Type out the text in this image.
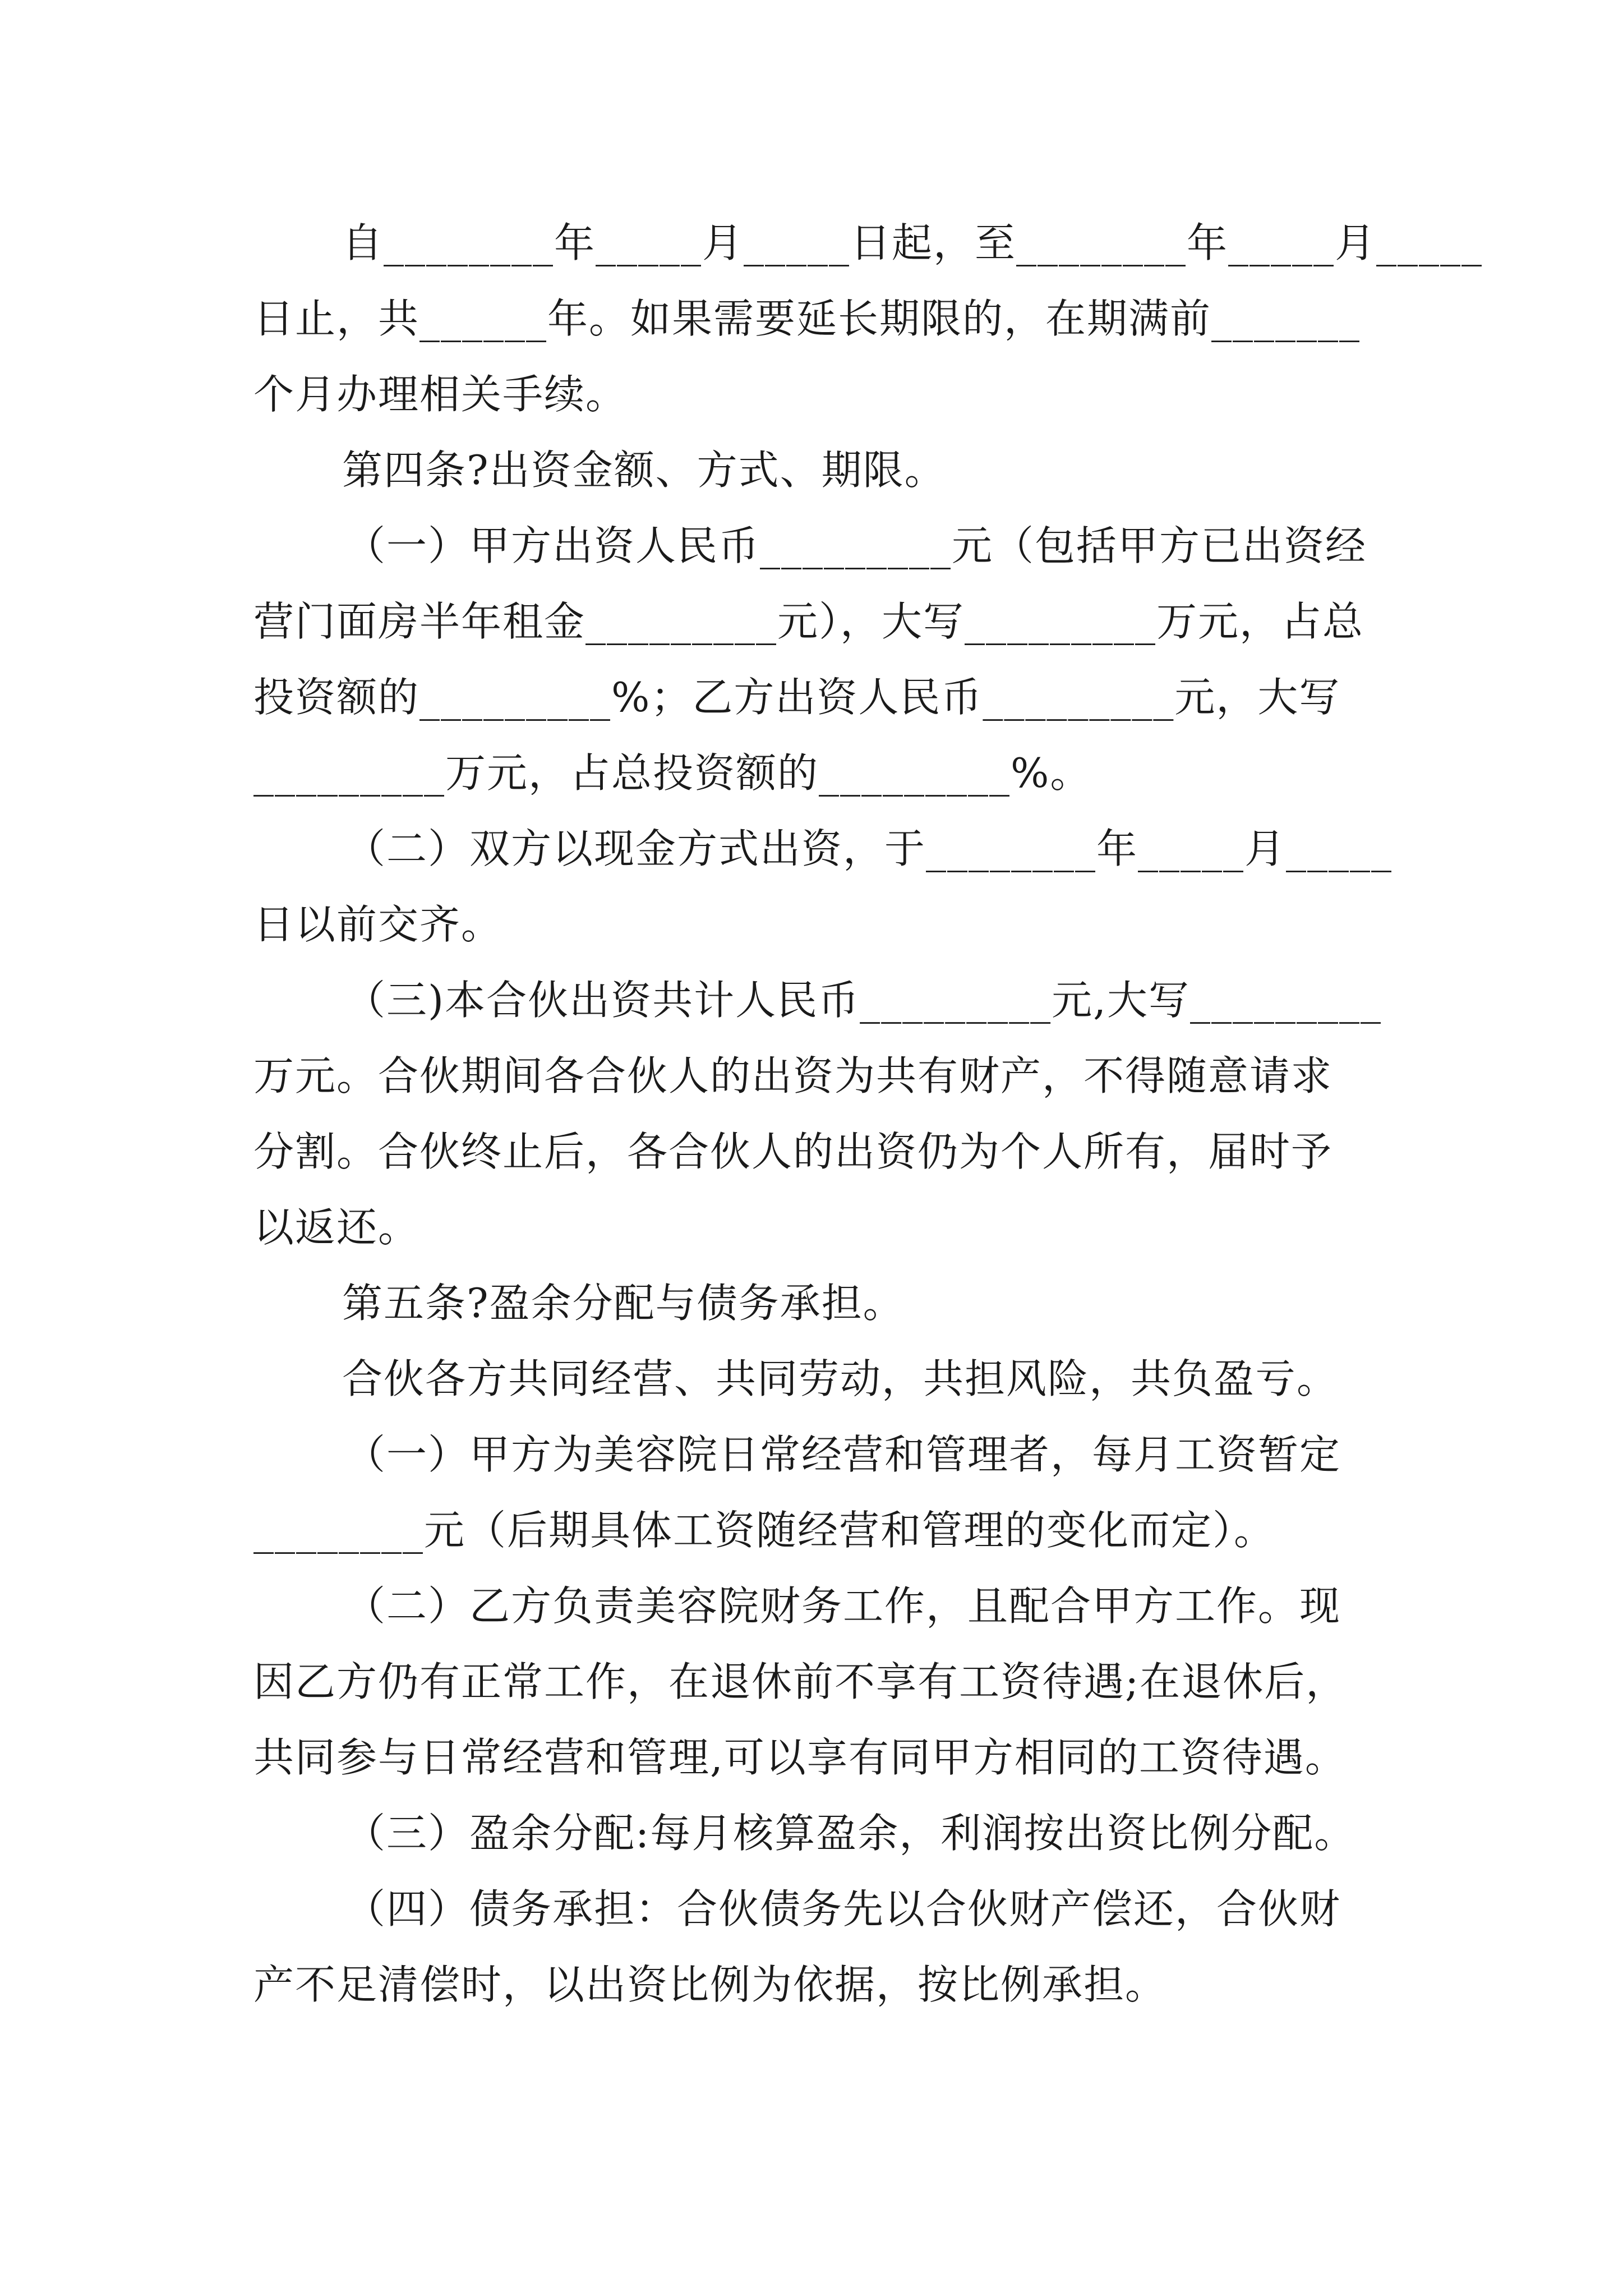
自________年_____月_____日起，至________年_____月_____
日止，共______年。如果需要延长期限的，在期满前_______
个月办理相关手续。
第四条?出资金额、方式、期限。
（一）甲方出资人民币_________元（包括甲方已出资经
营门面房半年租金_________元），大写_________万元，占总
投资额的_________%；乙方出资人民币_________元，大写
_________万元，占总投资额的_________%。
（二）双方以现金方式出资，于________年_____月_____
日以前交齐。
（三)本合伙出资共计人民币_________元,大写_________
万元。合伙期间各合伙人的出资为共有财产，不得随意请求
分割。合伙终止后，各合伙人的出资仍为个人所有，届时予
以返还。
第五条?盈余分配与债务承担。
合伙各方共同经营、共同劳动，共担风险，共负盈亏。
（一）甲方为美容院日常经营和管理者，每月工资暂定
________元（后期具体工资随经营和管理的变化而定）。
（二）乙方负责美容院财务工作，且配合甲方工作。现
因乙方仍有正常工作，在退休前不享有工资待遇;在退休后，
共同参与日常经营和管理,可以享有同甲方相同的工资待遇。
（三）盈余分配:每月核算盈余，利润按出资比例分配。
（四）债务承担：合伙债务先以合伙财产偿还，合伙财
产不足清偿时，以出资比例为依据，按比例承担。
